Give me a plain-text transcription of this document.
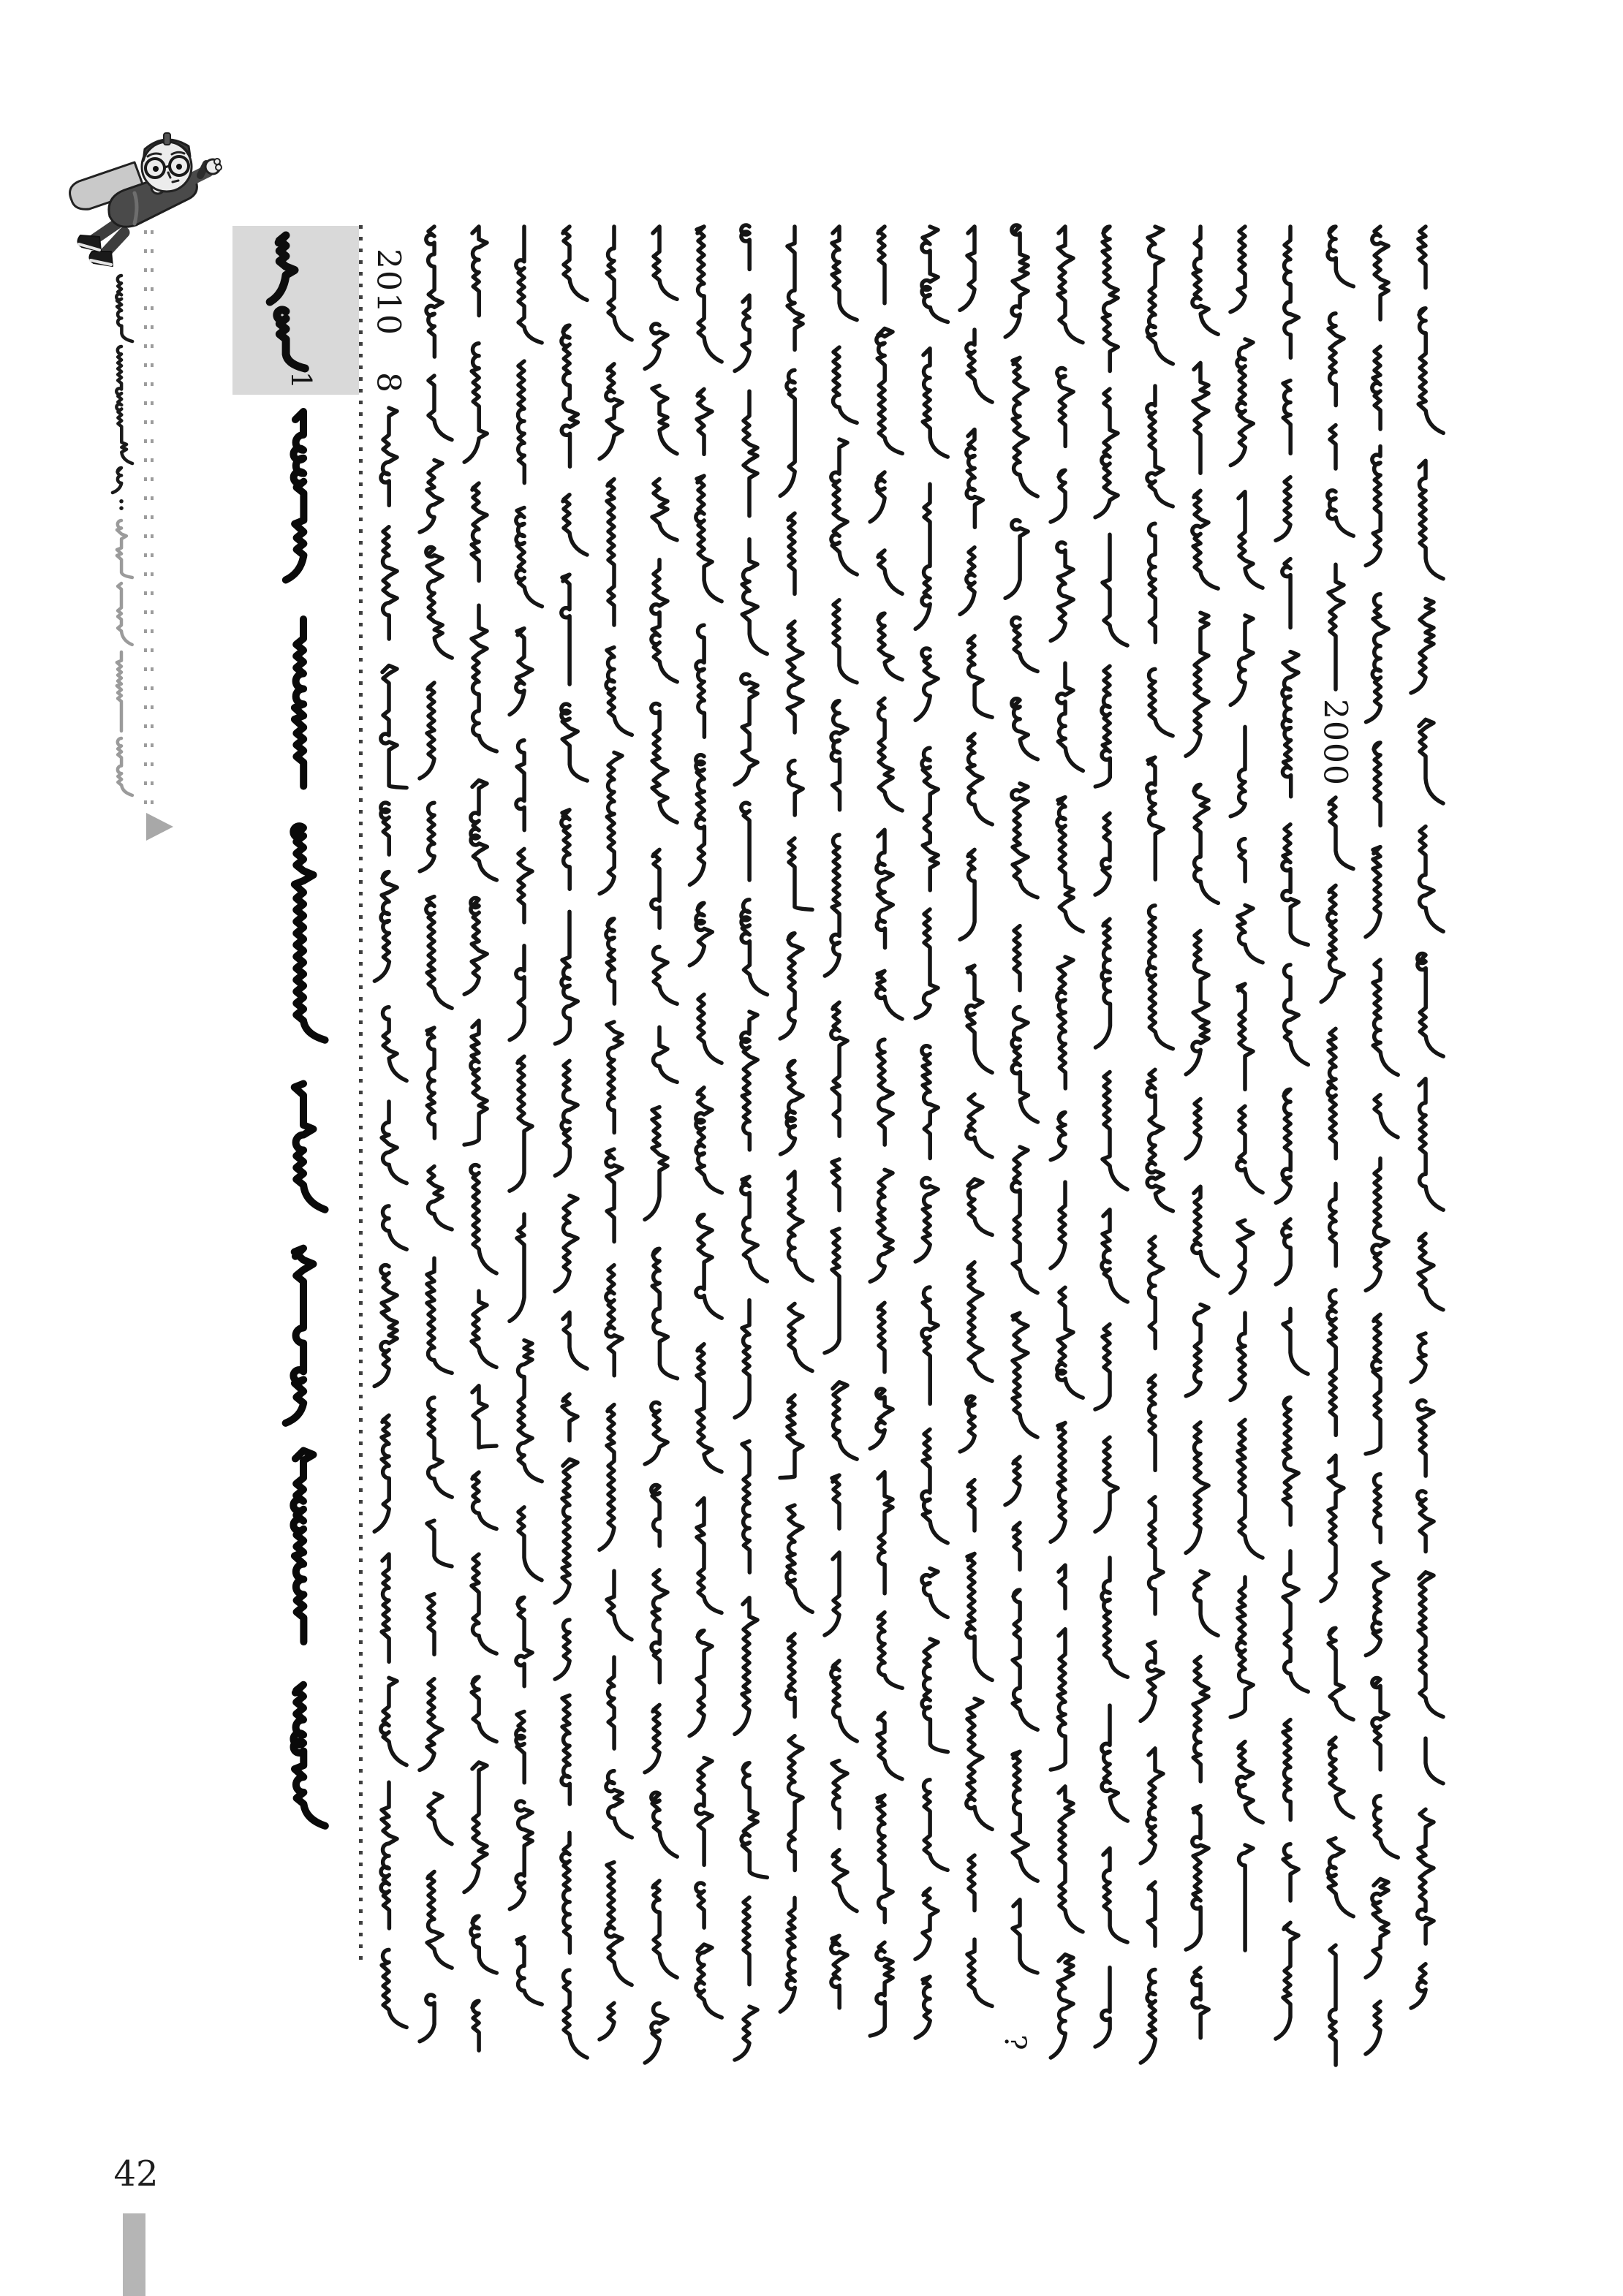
1
:
2010
8
2000
?
42
